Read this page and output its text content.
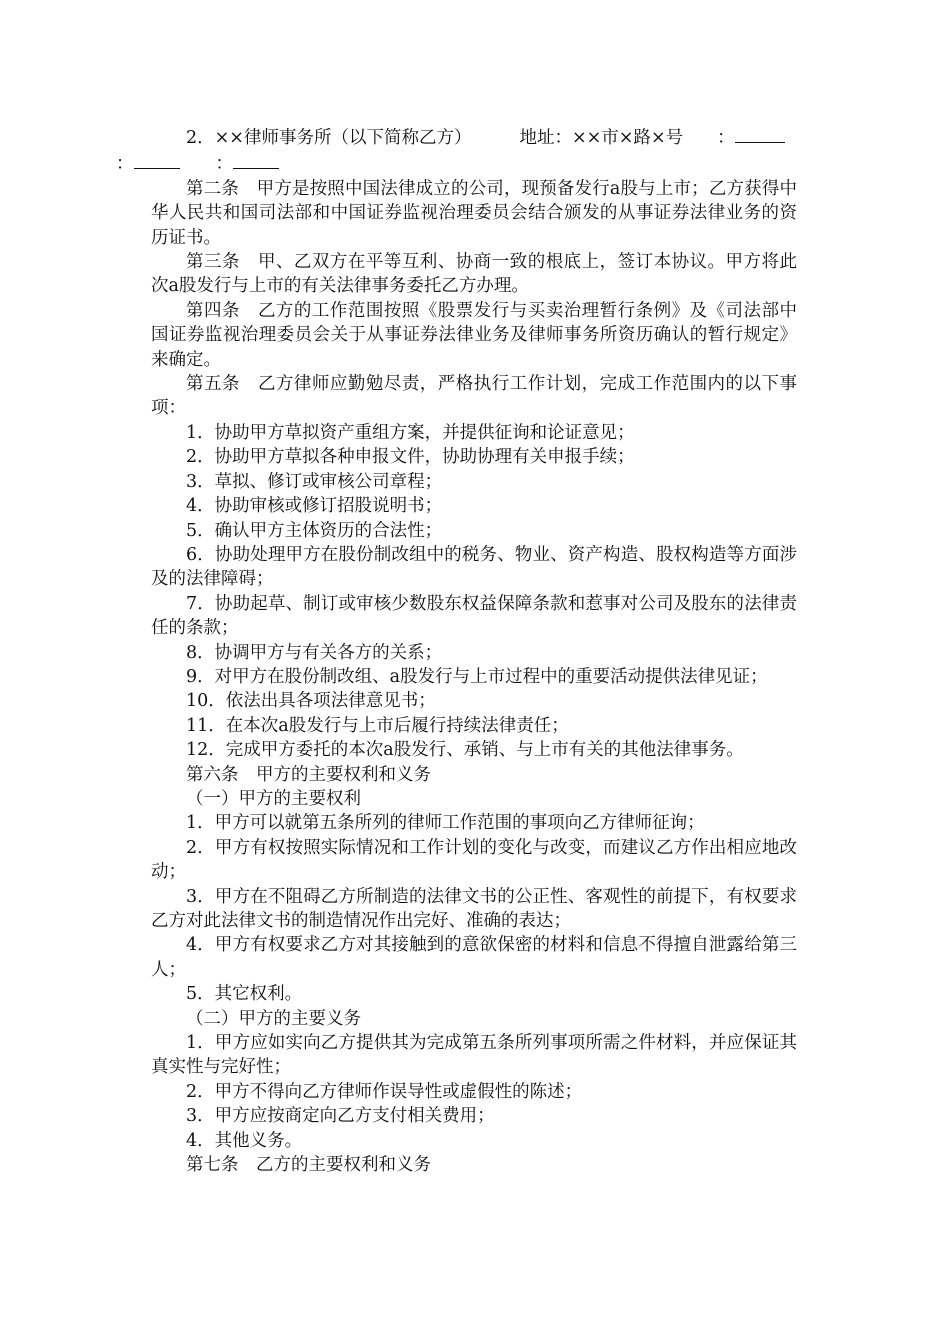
2．××律师事务所（以下简称乙方）	地址：××市×路×号 ：
：	：
第二条　甲方是按照中国法律成立的公司，现预备发行a股与上市；乙方获得中华人民共和国司法部和中国证券监视治理委员会结合颁发的从事证券法律业务的资历证书。
第三条　甲、乙双方在平等互利、协商一致的根底上，签订本协议。甲方将此次a股发行与上市的有关法律事务委托乙方办理。
第四条　乙方的工作范围按照《股票发行与买卖治理暂行条例》及《司法部中国证券监视治理委员会关于从事证券法律业务及律师事务所资历确认的暂行规定》来确定。
第五条　乙方律师应勤勉尽责，严格执行工作计划，完成工作范围内的以下事项：
1．协助甲方草拟资产重组方案，并提供征询和论证意见；
2．协助甲方草拟各种申报文件，协助协理有关申报手续；
3．草拟、修订或审核公司章程；
4．协助审核或修订招股说明书；
5．确认甲方主体资历的合法性；
6．协助处理甲方在股份制改组中的税务、物业、资产构造、股权构造等方面涉及的法律障碍；
7．协助起草、制订或审核少数股东权益保障条款和惹事对公司及股东的法律责任的条款；
8．协调甲方与有关各方的关系；
9．对甲方在股份制改组、a股发行与上市过程中的重要活动提供法律见证；
10．依法出具各项法律意见书；
11．在本次a股发行与上市后履行持续法律责任；
12．完成甲方委托的本次a股发行、承销、与上市有关的其他法律事务。
第六条　甲方的主要权利和义务
（一）甲方的主要权利
1．甲方可以就第五条所列的律师工作范围的事项向乙方律师征询；
2．甲方有权按照实际情况和工作计划的变化与改变，而建议乙方作出相应地改动；
3．甲方在不阻碍乙方所制造的法律文书的公正性、客观性的前提下，有权要求乙方对此法律文书的制造情况作出完好、准确的表达；
4．甲方有权要求乙方对其接触到的意欲保密的材料和信息不得擅自泄露给第三人；
5．其它权利。
（二）甲方的主要义务
1．甲方应如实向乙方提供其为完成第五条所列事项所需之件材料，并应保证其真实性与完好性；
2．甲方不得向乙方律师作误导性或虚假性的陈述；
3．甲方应按商定向乙方支付相关费用；
4．其他义务。
第七条　乙方的主要权利和义务
